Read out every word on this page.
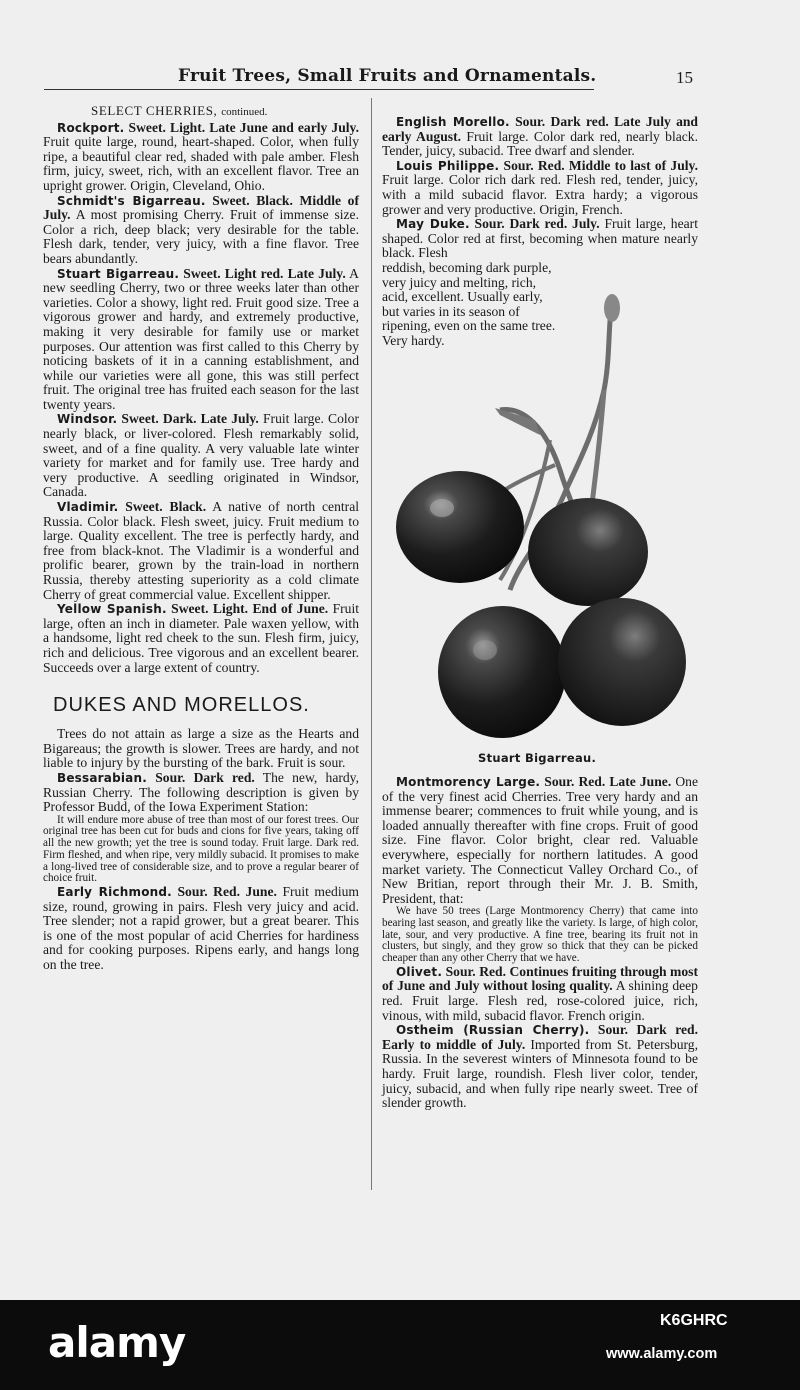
Fruit Trees, Small Fruits and Ornamentals.	15

SELECT CHERRIES, continued.

Rockport. Sweet. Light. Late June and early July. Fruit quite large, round, heart-shaped. Color, when fully ripe, a beautiful clear red, shaded with pale amber. Flesh firm, juicy, sweet, rich, with an excellent flavor. Tree an upright grower. Origin, Cleveland, Ohio.

Schmidt's Bigarreau. Sweet. Black. Middle of July. A most promising Cherry. Fruit of immense size. Color a rich, deep black; very desirable for the table. Flesh dark, tender, very juicy, with a fine flavor. Tree bears abundantly.

Stuart Bigarreau. Sweet. Light red. Late July. A new seedling Cherry, two or three weeks later than other varieties. Color a showy, light red. Fruit good size. Tree a vigorous grower and hardy, and extremely productive, making it very desirable for family use or market purposes. Our attention was first called to this Cherry by noticing baskets of it in a canning establishment, and while our varieties were all gone, this was still perfect fruit. The original tree has fruited each season for the last twenty years.

Windsor. Sweet. Dark. Late July. Fruit large. Color nearly black, or liver-colored. Flesh remarkably solid, sweet, and of a fine quality. A very valuable late winter variety for market and for family use. Tree hardy and very productive. A seedling originated in Windsor, Canada.

Vladimir. Sweet. Black. A native of north central Russia. Color black. Flesh sweet, juicy. Fruit medium to large. Quality excellent. The tree is perfectly hardy, and free from black-knot. The Vladimir is a wonderful and prolific bearer, grown by the train-load in northern Russia, thereby attesting superiority as a cold climate Cherry of great commercial value. Excellent shipper.

Yellow Spanish. Sweet. Light. End of June. Fruit large, often an inch in diameter. Pale waxen yellow, with a handsome, light red cheek to the sun. Flesh firm, juicy, rich and delicious. Tree vigorous and an excellent bearer. Succeeds over a large extent of country.

DUKES AND MORELLOS.

Trees do not attain as large a size as the Hearts and Bigareaus; the growth is slower. Trees are hardy, and not liable to injury by the bursting of the bark. Fruit is sour.

Bessarabian. Sour. Dark red. The new, hardy, Russian Cherry. The following description is given by Professor Budd, of the Iowa Experiment Station:

It will endure more abuse of tree than most of our forest trees. Our original tree has been cut for buds and cions for five years, taking off all the new growth; yet the tree is sound today. Fruit large. Dark red. Firm fleshed, and when ripe, very mildly subacid. It promises to make a long-lived tree of considerable size, and to prove a regular bearer of choice fruit.

Early Richmond. Sour. Red. June. Fruit medium size, round, growing in pairs. Flesh very juicy and acid. Tree slender; not a rapid grower, but a great bearer. This is one of the most popular of acid Cherries for hardiness and for cooking purposes. Ripens early, and hangs long on the tree.

English Morello. Sour. Dark red. Late July and early August. Fruit large. Color dark red, nearly black. Tender, juicy, subacid. Tree dwarf and slender.

Louis Philippe. Sour. Red. Middle to last of July. Fruit large. Color rich dark red. Flesh red, tender, juicy, with a mild subacid flavor. Extra hardy; a vigorous grower and very productive. Origin, French.

May Duke. Sour. Dark red. July. Fruit large, heart shaped. Color red at first, becoming when mature nearly black. Flesh

reddish, becoming dark purple, very juicy and melting, rich, acid, excellent. Usually early, but varies in its season of ripening, even on the same tree. Very hardy.

Stuart Bigarreau.

Montmorency Large. Sour. Red. Late June. One of the very finest acid Cherries. Tree very hardy and an immense bearer; commences to fruit while young, and is loaded annually thereafter with fine crops. Fruit of good size. Fine flavor. Color bright, clear red. Valuable everywhere, especially for northern latitudes. A good market variety. The Connecticut Valley Orchard Co., of New Britian, report through their Mr. J. B. Smith, President, that:

We have 50 trees (Large Montmorency Cherry) that came into bearing last season, and greatly like the variety. Is large, of high color, late, sour, and very productive. A fine tree, bearing its fruit not in clusters, but singly, and they grow so thick that they can be picked cheaper than any other Cherry that we have.

Olivet. Sour. Red. Continues fruiting through most of June and July without losing quality. A shining deep red. Fruit large. Flesh red, rose-colored juice, rich, vinous, with mild, subacid flavor. French origin.

Ostheim (Russian Cherry). Sour. Dark red. Early to middle of July. Imported from St. Petersburg, Russia. In the severest winters of Minnesota found to be hardy. Fruit large, roundish. Flesh liver color, tender, juicy, subacid, and when fully ripe nearly sweet. Tree of slender growth.

alamy	K6GHRC
www.alamy.com
